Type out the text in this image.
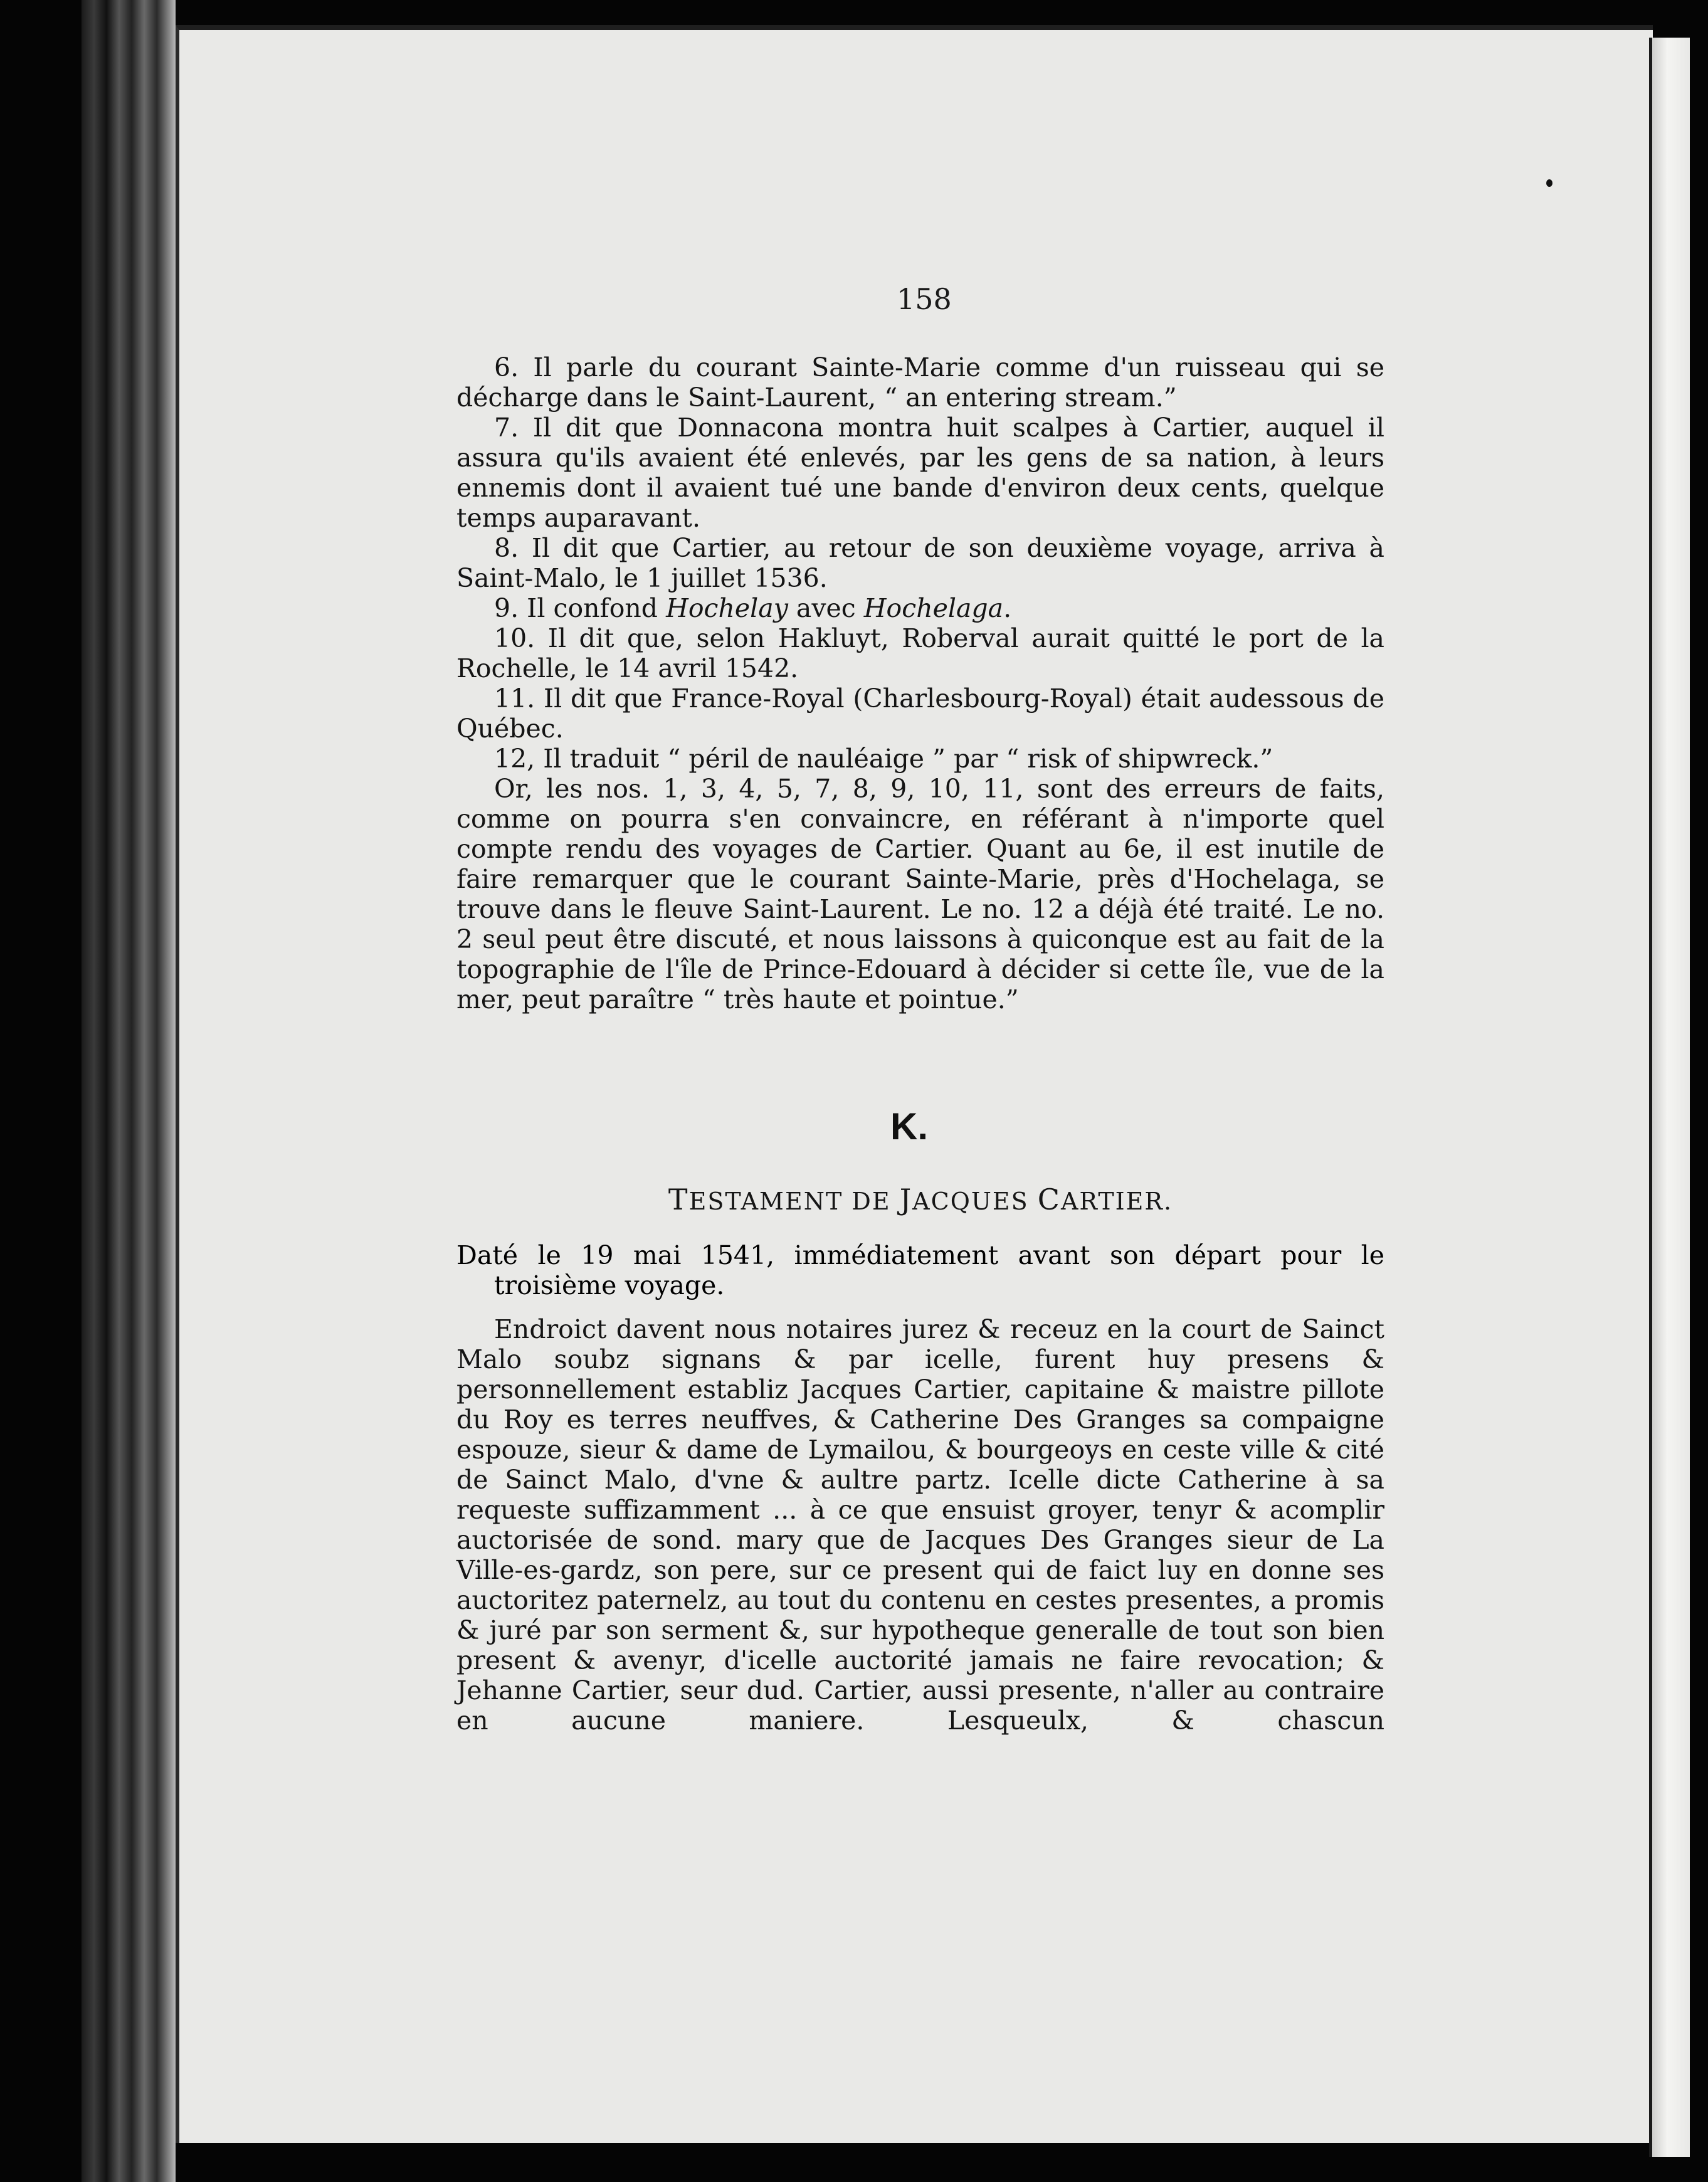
158

6. Il parle du courant Sainte-Marie comme d'un ruisseau qui se décharge dans le Saint-Laurent, “ an entering stream.”

7. Il dit que Donnacona montra huit scalpes à Cartier, auquel il assura qu'ils avaient été enlevés, par les gens de sa nation, à leurs ennemis dont il avaient tué une bande d'environ deux cents, quelque temps auparavant.

8. Il dit que Cartier, au retour de son deuxième voyage, arriva à Saint-Malo, le 1 juillet 1536.

9. Il confond Hochelay avec Hochelaga.

10. Il dit que, selon Hakluyt, Roberval aurait quitté le port de la Rochelle, le 14 avril 1542.

11. Il dit que France-Royal (Charlesbourg-Royal) était audessous de Québec.

12, Il traduit “ péril de nauléaige ” par “ risk of shipwreck.”

Or, les nos. 1, 3, 4, 5, 7, 8, 9, 10, 11, sont des erreurs de faits, comme on pourra s'en convaincre, en référant à n'importe quel compte rendu des voyages de Cartier. Quant au 6e, il est inutile de faire remarquer que le courant Sainte-Marie, près d'Hochelaga, se trouve dans le fleuve Saint-Laurent. Le no. 12 a déjà été traité. Le no. 2 seul peut être discuté, et nous laissons à quiconque est au fait de la topographie de l'île de Prince-Edouard à décider si cette île, vue de la mer, peut paraître “ très haute et pointue.”

K.
TESTAMENT DE JACQUES CARTIER.

Daté le 19 mai 1541, immédiatement avant son départ pour le troisième voyage.

Endroict davent nous notaires jurez & receuz en la court de Sainct Malo soubz signans & par icelle, furent huy presens & personnellement establiz Jacques Cartier, capitaine & maistre pillote du Roy es terres neuffves, & Catherine Des Granges sa compaigne espouze, sieur & dame de Lymailou, & bourgeoys en ceste ville & cité de Sainct Malo, d'vne & aultre partz. Icelle dicte Catherine à sa requeste suffizamment ... à ce que ensuist groyer, tenyr & acomplir auctorisée de sond. mary que de Jacques Des Granges sieur de La Ville-es-gardz, son pere, sur ce present qui de faict luy en donne ses auctoritez paternelz, au tout du contenu en cestes presentes, a promis & juré par son serment &, sur hypotheque generalle de tout son bien present & avenyr, d'icelle auctorité jamais ne faire revocation; & Jehanne Cartier, seur dud. Cartier, aussi presente, n'aller au contraire en aucune maniere. Lesqueulx, & chascun
